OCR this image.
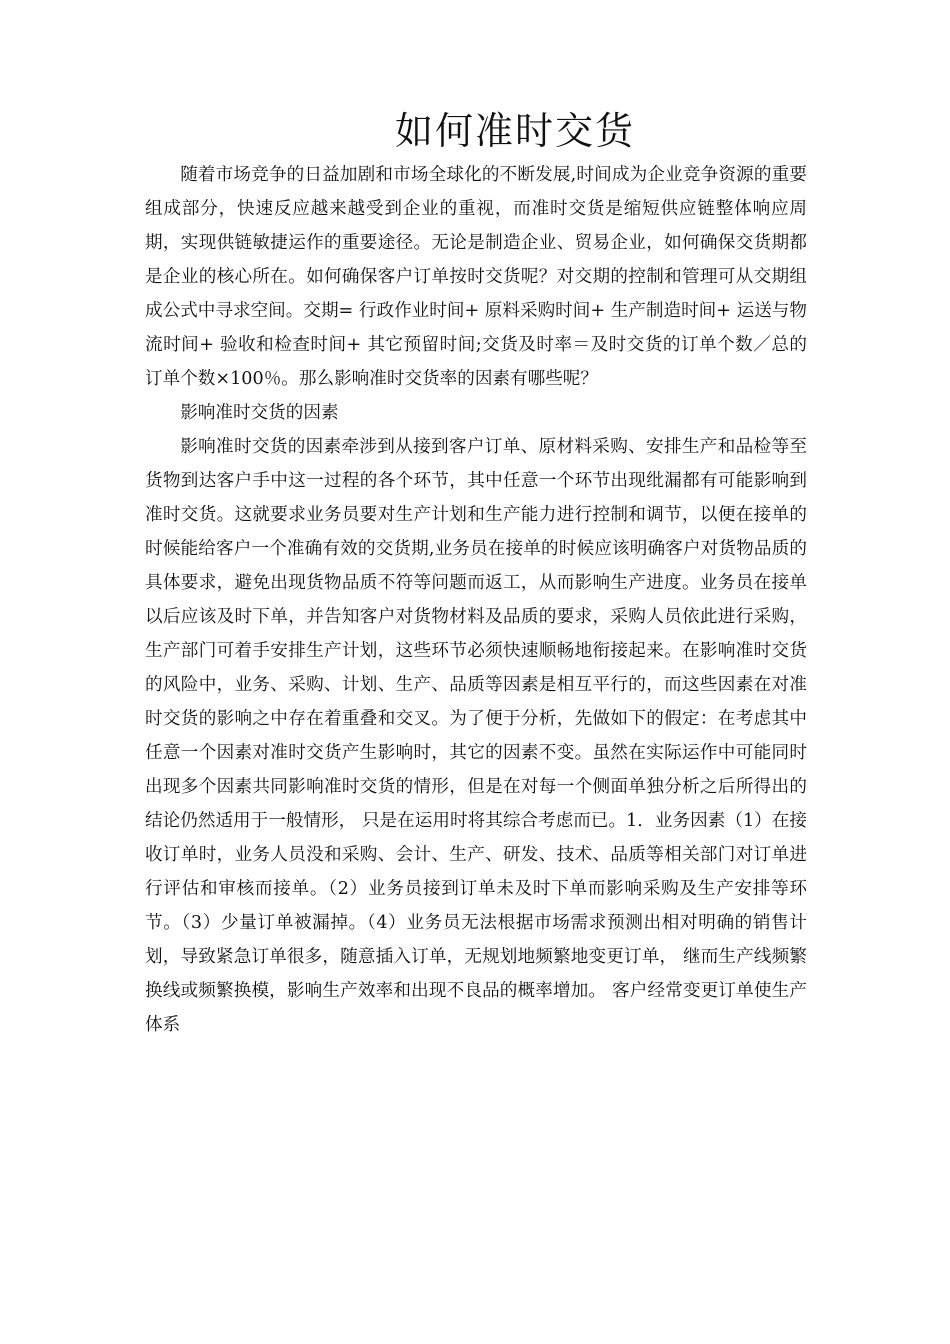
如何准时交货

随着市场竞争的日益加剧和市场全球化的不断发展,时间成为企业竞争资源的重要组成部分，快速反应越来越受到企业的重视，而准时交货是缩短供应链整体响应周期，实现供链敏捷运作的重要途径。无论是制造企业、贸易企业，如何确保交货期都是企业的核心所在。如何确保客户订单按时交货呢？对交期的控制和管理可从交期组成公式中寻求空间。交期= 行政作业时间+ 原料采购时间+ 生产制造时间+ 运送与物流时间+ 验收和检查时间+ 其它预留时间;交货及时率＝及时交货的订单个数／总的订单个数×100％。那么影响准时交货率的因素有哪些呢？

影响准时交货的因素

影响准时交货的因素牵涉到从接到客户订单、原材料采购、安排生产和品检等至货物到达客户手中这一过程的各个环节，其中任意一个环节出现纰漏都有可能影响到准时交货。这就要求业务员要对生产计划和生产能力进行控制和调节，以便在接单的时候能给客户一个准确有效的交货期,业务员在接单的时候应该明确客户对货物品质的具体要求，避免出现货物品质不符等问题而返工，从而影响生产进度。业务员在接单以后应该及时下单，并告知客户对货物材料及品质的要求，采购人员依此进行采购，生产部门可着手安排生产计划，这些环节必须快速顺畅地衔接起来。在影响准时交货的风险中，业务、采购、计划、生产、品质等因素是相互平行的，而这些因素在对准时交货的影响之中存在着重叠和交叉。为了便于分析，先做如下的假定：在考虑其中任意一个因素对准时交货产生影响时，其它的因素不变。虽然在实际运作中可能同时出现多个因素共同影响准时交货的情形，但是在对每一个侧面单独分析之后所得出的结论仍然适用于一般情形， 只是在运用时将其综合考虑而已。1．业务因素（1）在接收订单时，业务人员没和采购、会计、生产、研发、技术、品质等相关部门对订单进行评估和审核而接单。（2）业务员接到订单未及时下单而影响采购及生产安排等环节。（3）少量订单被漏掉。（4）业务员无法根据市场需求预测出相对明确的销售计划，导致紧急订单很多，随意插入订单，无规划地频繁地变更订单， 继而生产线频繁换线或频繁换模，影响生产效率和出现不良品的概率增加。 客户经常变更订单使生产体系
